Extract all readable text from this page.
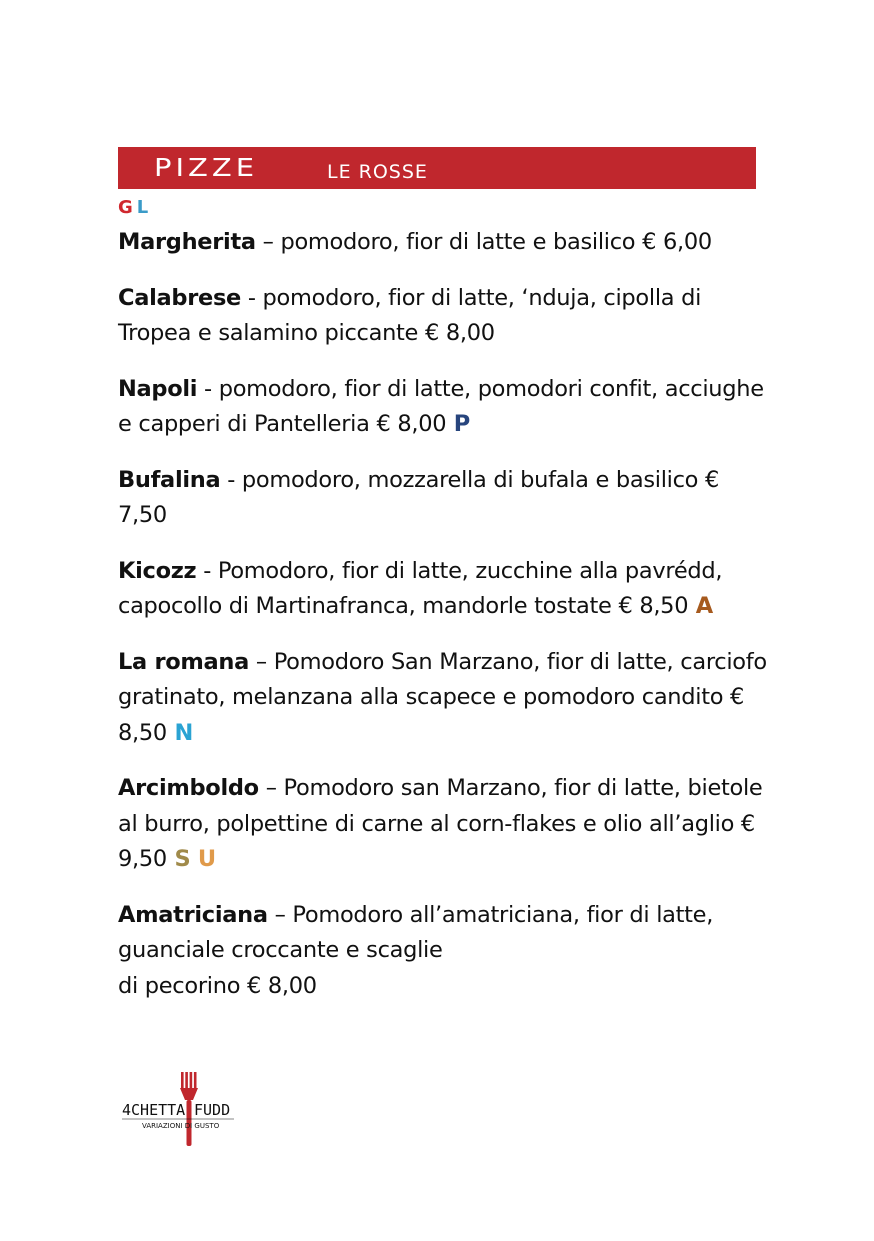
PIZZE	LE ROSSE
G L
Margherita – pomodoro, fior di latte e basilico € 6,00
Calabrese - pomodoro, fior di latte, ‘nduja, cipolla di Tropea e salamino piccante € 8,00
Napoli - pomodoro, fior di latte, pomodori confit, acciughe e capperi di Pantelleria € 8,00 P
Bufalina - pomodoro, mozzarella di bufala e basilico € 7,50
Kicozz - Pomodoro, fior di latte, zucchine alla pavrédd, capocollo di Martinafranca, mandorle tostate € 8,50 A
La romana – Pomodoro San Marzano, fior di latte, carciofo gratinato, melanzana alla scapece e pomodoro candito € 8,50 N
Arcimboldo – Pomodoro san Marzano, fior di latte, bietole al burro, polpettine di carne al corn-flakes e olio all’aglio € 9,50 S U
Amatriciana – Pomodoro all’amatriciana, fior di latte, guanciale croccante e scaglie
di pecorino € 8,00
4CHETTA FUDD
VARIAZIONI DI GUSTO
